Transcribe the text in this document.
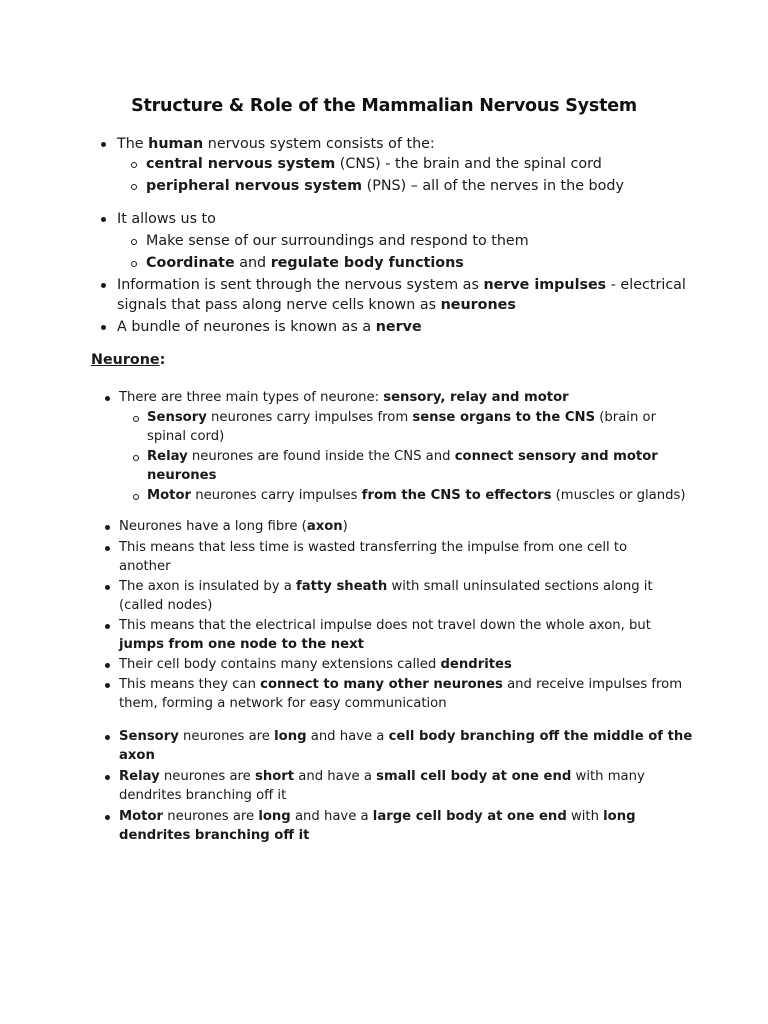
Structure & Role of the Mammalian Nervous System
The human nervous system consists of the:
central nervous system (CNS) - the brain and the spinal cord
peripheral nervous system (PNS) – all of the nerves in the body
It allows us to
Make sense of our surroundings and respond to them
Coordinate and regulate body functions
Information is sent through the nervous system as nerve impulses - electrical
signals that pass along nerve cells known as neurones
A bundle of neurones is known as a nerve
Neurone:
There are three main types of neurone: sensory, relay and motor
Sensory neurones carry impulses from sense organs to the CNS (brain or
spinal cord)
Relay neurones are found inside the CNS and connect sensory and motor
neurones
Motor neurones carry impulses from the CNS to effectors (muscles or glands)
Neurones have a long fibre (axon)
This means that less time is wasted transferring the impulse from one cell to
another
The axon is insulated by a fatty sheath with small uninsulated sections along it
(called nodes)
This means that the electrical impulse does not travel down the whole axon, but
jumps from one node to the next
Their cell body contains many extensions called dendrites
This means they can connect to many other neurones and receive impulses from
them, forming a network for easy communication
Sensory neurones are long and have a cell body branching off the middle of the
axon
Relay neurones are short and have a small cell body at one end with many
dendrites branching off it
Motor neurones are long and have a large cell body at one end with long
dendrites branching off it
